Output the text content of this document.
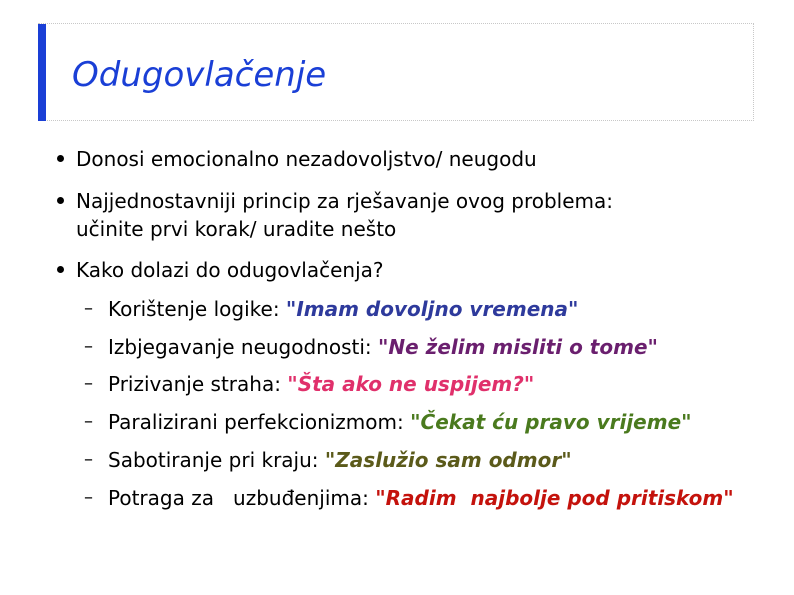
Odugovlačenje
Donosi emocionalno nezadovoljstvo/ neugodu
Najjednostavniji princip za rješavanje ovog problema:
učinite prvi korak/ uradite nešto
Kako dolazi do odugovlačenja?
– Korištenje logike: "Imam dovoljno vremena"
– Izbjegavanje neugodnosti: "Ne želim misliti o tome"
– Prizivanje straha: "Šta ako ne uspijem?"
– Paralizirani perfekcionizmom: "Čekat ću pravo vrijeme"
– Sabotiranje pri kraju: "Zaslužio sam odmor"
– Potraga za   uzbuđenjima: "Radim  najbolje pod pritiskom"
